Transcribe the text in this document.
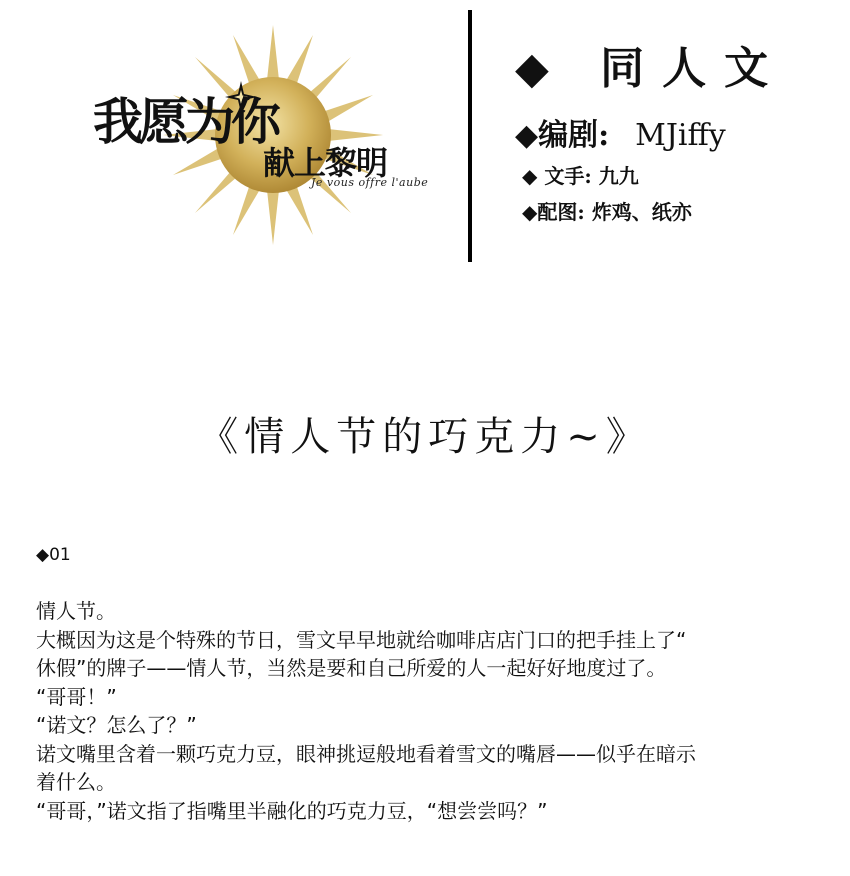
我愿为你
献上黎明
Je vous offre l'aube
◆ 同人文
◆编剧: MJiffy
◆ 文手: 九九
◆配图: 炸鸡、纸亦
《情人节的巧克力~》
◆01

情人节。

大概因为这是个特殊的节日，雪文早早地就给咖啡店店门口的把手挂上了“

休假”的牌子——情人节，当然是要和自己所爱的人一起好好地度过了。

“哥哥！”

“诺文？怎么了？”

诺文嘴里含着一颗巧克力豆，眼神挑逗般地看着雪文的嘴唇——似乎在暗示

着什么。

“哥哥，”诺文指了指嘴里半融化的巧克力豆，“想尝尝吗？”
